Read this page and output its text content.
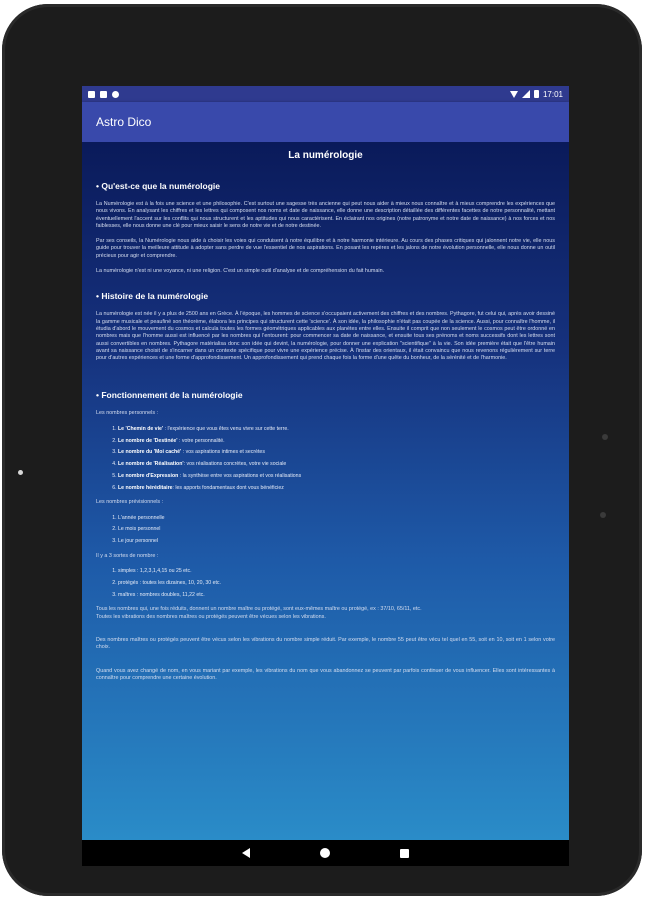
17:01
Astro Dico
La numérologie
• Qu'est-ce que la numérologie

La Numérologie est à la fois une science et une philosophie. C'est surtout une sagesse très ancienne qui peut nous aider à mieux nous connaître et à mieux comprendre les expériences que nous vivons. En analysant les chiffres et les lettres qui composent nos noms et date de naissance, elle donne une description détaillée des différentes facettes de notre personnalité, mettant éventuellement l'accent sur les conflits qui nous structurent et les aptitudes qui nous caractérisent. En éclairant nos origines (notre patronyme et notre date de naissance) à nos forces et nos faiblesses, elle nous donne une clé pour mieux saisir le sens de notre vie et de notre destinée.

Par ses conseils, la Numérologie nous aide à choisir les voies qui conduisent à notre équilibre et à notre harmonie intérieure. Au cours des phases critiques qui jalonnent notre vie, elle nous guide pour trouver la meilleure attitude à adopter sans perdre de vue l'essentiel de nos aspirations. En posant les repères et les jalons de notre évolution personnelle, elle nous donne un outil précieux pour agir et comprendre.

La numérologie n'est ni une voyance, ni une religion. C'est un simple outil d'analyse et de compréhension du fait humain.

• Histoire de la numérologie

La numérologie est née il y a plus de 2500 ans en Grèce. À l'époque, les hommes de science s'occupaient activement des chiffres et des nombres. Pythagore, fut celui qui, après avoir dessiné la gamme musicale et peaufiné son théorème, élabora les principes qui structurent cette 'science'. À son idée, la philosophie n'était pas coupée de la science. Aussi, pour connaître l'homme, il étudia d'abord le mouvement du cosmos et calcula toutes les formes géométriques applicables aux planètes entre elles. Ensuite il comprit que non seulement le cosmos peut être ordonné en nombres mais que l'homme aussi est influencé par les nombres qui l'entourent: pour commencer sa date de naissance, et ensuite tous ses prénoms et noms successifs dont les lettres sont aussi convertibles en nombres. Pythagore matérialisa donc son idée qui devint, la numérologie, pour donner une explication "scientifique" à la vie. Son idée première était que l'être humain avant sa naissance choisit de s'incarner dans un contexte spécifique pour vivre une expérience précise. À l'instar des orientaux, il était convaincu que nous revenons régulièrement sur terre pour d'autres expériences et une forme d'approfondissement. Un approfondissement qui prend chaque fois la forme d'une quête du bonheur, de la sérénité et de l'harmonie.

• Fonctionnement de la numérologie

Les nombres personnels :

1. Le 'Chemin de vie' : l'expérience que vous êtes venu vivre sur cette terre.
2. Le nombre de 'Destinée' : votre personnalité.
3. Le nombre du 'Moi caché' : vos aspirations intimes et secrètes
4. Le nombre de 'Réalisation': vos réalisations concrètes, votre vie sociale
5. Le nombre d'Expression : la synthèse entre vos aspirations et vos réalisations
6. Le nombre héréditaire: les apports fondamentaux dont vous bénéficiez

Les nombres prévisionnels :

1. L'année personnelle
2. Le mois personnel
3. Le jour personnel

Il y a 3 sortes de nombre :

1. simples : 1,2,3,1,4,15 ou 25 etc.
2. protégés : toutes les dizaines, 10, 20, 30 etc.
3. maîtres : nombres doubles, 11,22 etc.

Tous les nombres qui, une fois réduits, donnent un nombre maître ou protégé, sont eux-mêmes maître ou protégé, ex : 37/10, 65/11, etc.

Toutes les vibrations des nombres maîtres ou protégés peuvent être vécues selon les vibrations.

Des nombres maîtres ou protégés peuvent être vécus selon les vibrations du nombre simple réduit. Par exemple, le nombre 55 peut être vécu tel quel en 55, soit en 10, soit en 1 selon votre choix.

Quand vous avez changé de nom, en vous mariant par exemple, les vibrations du nom que vous abandonnez se peuvent par parfois continuer de vous influencer. Elles sont intéressantes à connaître pour comprendre une certaine évolution.
